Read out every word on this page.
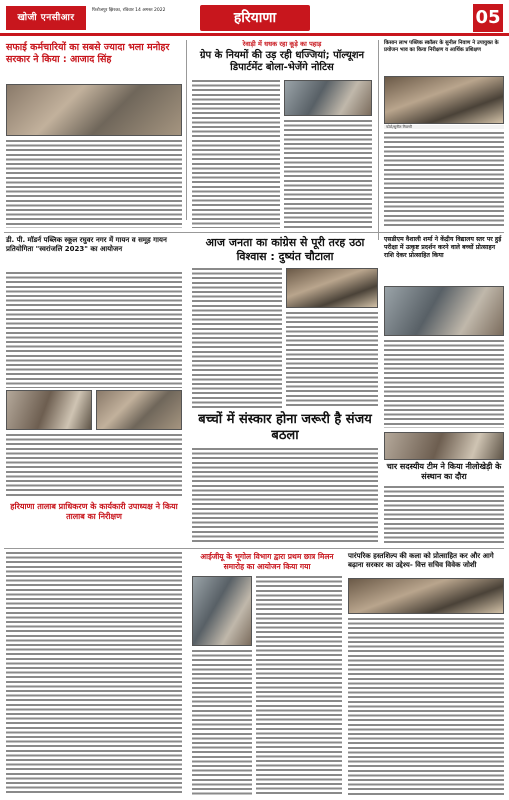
खोजी एनसीआर
फिरोजपुर झिरका, रविवार 14 अगस्त 2022	हरियाणा	05
सफाई कर्मचारियों का सबसे ज्यादा भला मनोहर सरकार ने किया : आजाद सिंह
रेवाड़ी में धधक रहा कूड़े का पहाड़
ग्रेप के नियमों की उड़ रही धज्जियां; पॉल्यूशन
डिपार्टमेंट बोला-भेजेंगे नोटिस
किसान लाभ पब्लिक स्कॉलर के सुनील निवाण ने उपायुक्त के प्रयोजन भाव का किया निरीक्षण व आर्थिक प्रशिक्षण
फोटो/सुनील निवाणी
डी. पी. मॉडर्न पब्लिक स्कूल रघुवर नगर में गायन व समूह गायन प्रतियोगिता "स्वरांजलि 2023" का आयोजन	आज जनता का कांग्रेस से पूरी तरह उठा विश्वास : दुष्यंत चौटाला
एसडीएम वैशाली शर्मा ने केंद्रीय विद्यालय स्तर पर हुई परीक्षा में उत्कृष्ट प्रदर्शन करने वाले बच्चों प्रोत्साहन राशि देकर प्रोत्साहित किया
बच्चों में संस्कार होना जरूरी है संजय बठला
चार सदस्यीय टीम ने किया नीलोखेड़ी के संस्थान का दौरा
हरियाणा तालाब प्राधिकरण के कार्यकारी उपाध्यक्ष ने किया तालाब का निरीक्षण
आईजीयू के भूगोल विभाग द्वारा प्रथम छात्र मिलन समारोह का आयोजन किया गया
पारंपरिक हस्तशिल्प की कला को प्रोत्साहित कर और आगे बढ़ाना सरकार का उद्देश्य- वित्त सचिव विवेक जोशी
